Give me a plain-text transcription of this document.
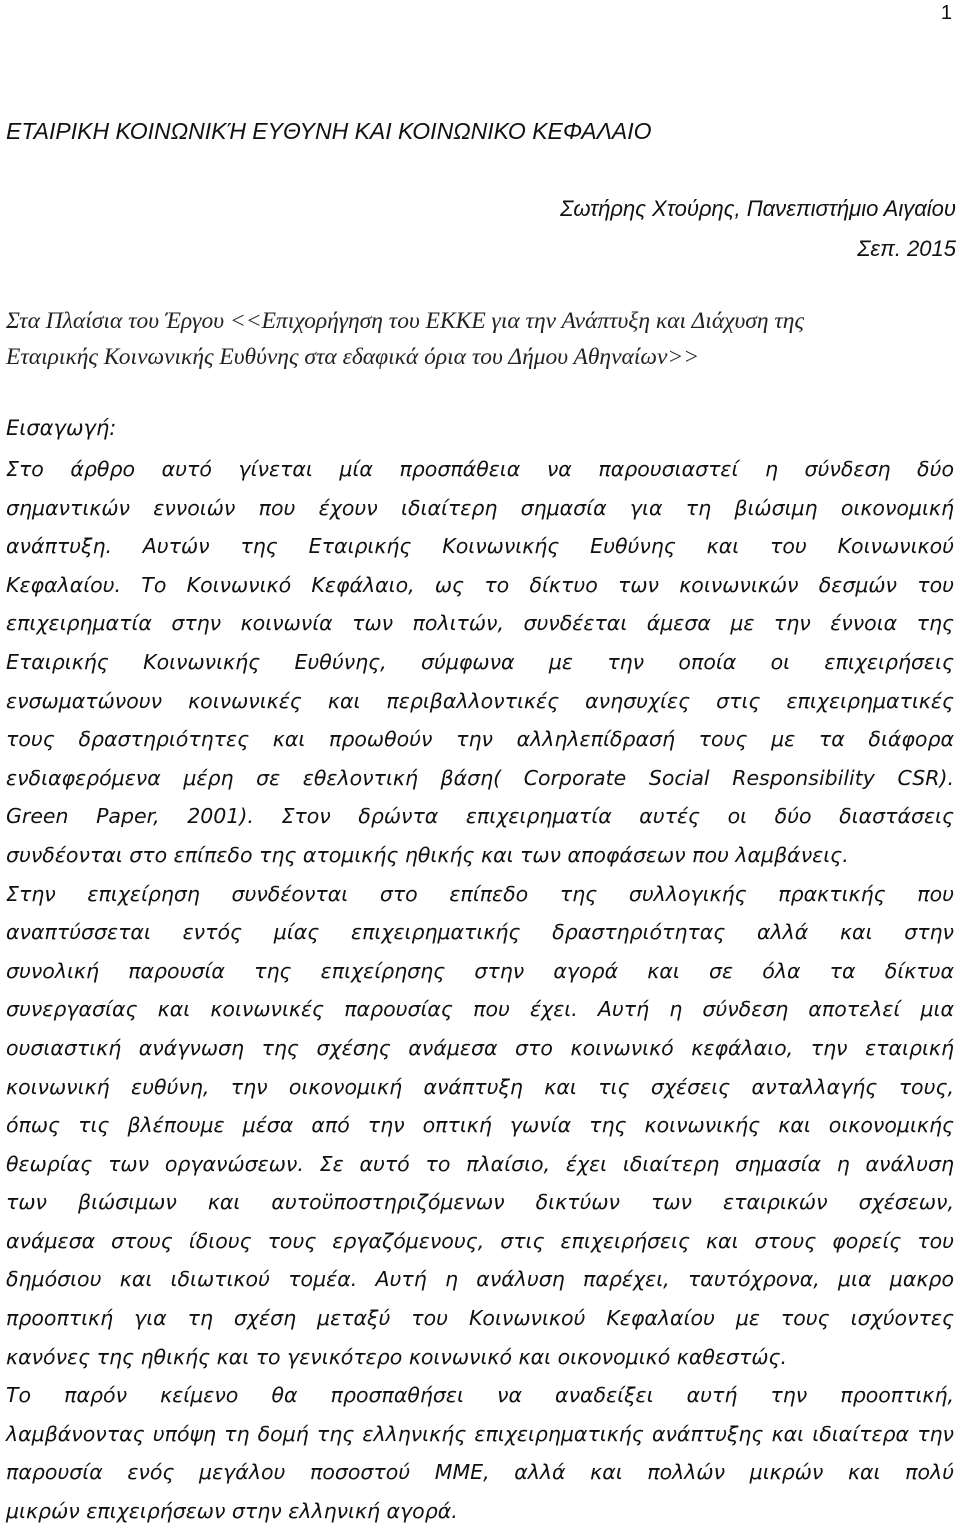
1
ΕΤΑΙΡΙΚΗ ΚΟΙΝΩΝΙΚΉ ΕΥΘΥΝΗ ΚΑΙ ΚΟΙΝΩΝΙΚΟ ΚΕΦΑΛΑΙΟ
Σωτήρης Χτούρης, Πανεπιστήμιο Αιγαίου
Σεπ. 2015
Στα Πλαίσια του Έργου <<Επιχορήγηση του ΕΚΚΕ για την Ανάπτυξη και Διάχυση της
Εταιρικής Κοινωνικής Ευθύνης στα εδαφικά όρια του Δήμου Αθηναίων>>
Εισαγωγή:
Στο άρθρο αυτό γίνεται μία προσπάθεια να παρουσιαστεί η σύνδεση δύο
σημαντικών εννοιών που έχουν ιδιαίτερη σημασία για τη βιώσιμη οικονομική
ανάπτυξη. Αυτών της Εταιρικής Κοινωνικής Ευθύνης και του Κοινωνικού
Κεφαλαίου. Το Κοινωνικό Κεφάλαιο, ως το δίκτυο των κοινωνικών δεσμών του
επιχειρηματία στην κοινωνία των πολιτών, συνδέεται άμεσα με την έννοια της
Εταιρικής Κοινωνικής Ευθύνης, σύμφωνα με την οποία οι επιχειρήσεις
ενσωματώνουν κοινωνικές και περιβαλλοντικές ανησυχίες στις επιχειρηματικές
τους δραστηριότητες και προωθούν την αλληλεπίδρασή τους με τα διάφορα
ενδιαφερόμενα μέρη σε εθελοντική βάση( Corporate Social Responsibility CSR).
Green Paper, 2001). Στον δρώντα επιχειρηματία αυτές οι δύο διαστάσεις
συνδέονται στο επίπεδο της ατομικής ηθικής και των αποφάσεων που λαμβάνεις.
Στην επιχείρηση συνδέονται στο επίπεδο της συλλογικής πρακτικής που
αναπτύσσεται εντός μίας επιχειρηματικής δραστηριότητας αλλά και στην
συνολική παρουσία της επιχείρησης στην αγορά και σε όλα τα δίκτυα
συνεργασίας και κοινωνικές παρουσίας που έχει. Αυτή η σύνδεση αποτελεί μια
ουσιαστική ανάγνωση της σχέσης ανάμεσα στο κοινωνικό κεφάλαιο, την εταιρική
κοινωνική ευθύνη, την οικονομική ανάπτυξη και τις σχέσεις ανταλλαγής τους,
όπως τις βλέπουμε μέσα από την οπτική γωνία της κοινωνικής και οικονομικής
θεωρίας των οργανώσεων. Σε αυτό το πλαίσιο, έχει ιδιαίτερη σημασία η ανάλυση
των βιώσιμων και αυτοϋποστηριζόμενων δικτύων των εταιρικών σχέσεων,
ανάμεσα στους ίδιους τους εργαζόμενους, στις επιχειρήσεις και στους φορείς του
δημόσιου και ιδιωτικού τομέα. Αυτή η ανάλυση παρέχει, ταυτόχρονα, μια μακρο
προοπτική για τη σχέση μεταξύ του Κοινωνικού Κεφαλαίου με τους ισχύοντες
κανόνες της ηθικής και το γενικότερο κοινωνικό και οικονομικό καθεστώς.
Το παρόν κείμενο θα προσπαθήσει να αναδείξει αυτή την προοπτική,
λαμβάνοντας υπόψη τη δομή της ελληνικής επιχειρηματικής ανάπτυξης και ιδιαίτερα την
παρουσία ενός μεγάλου ποσοστού ΜΜΕ, αλλά και πολλών μικρών και πολύ
μικρών επιχειρήσεων στην ελληνική αγορά.
